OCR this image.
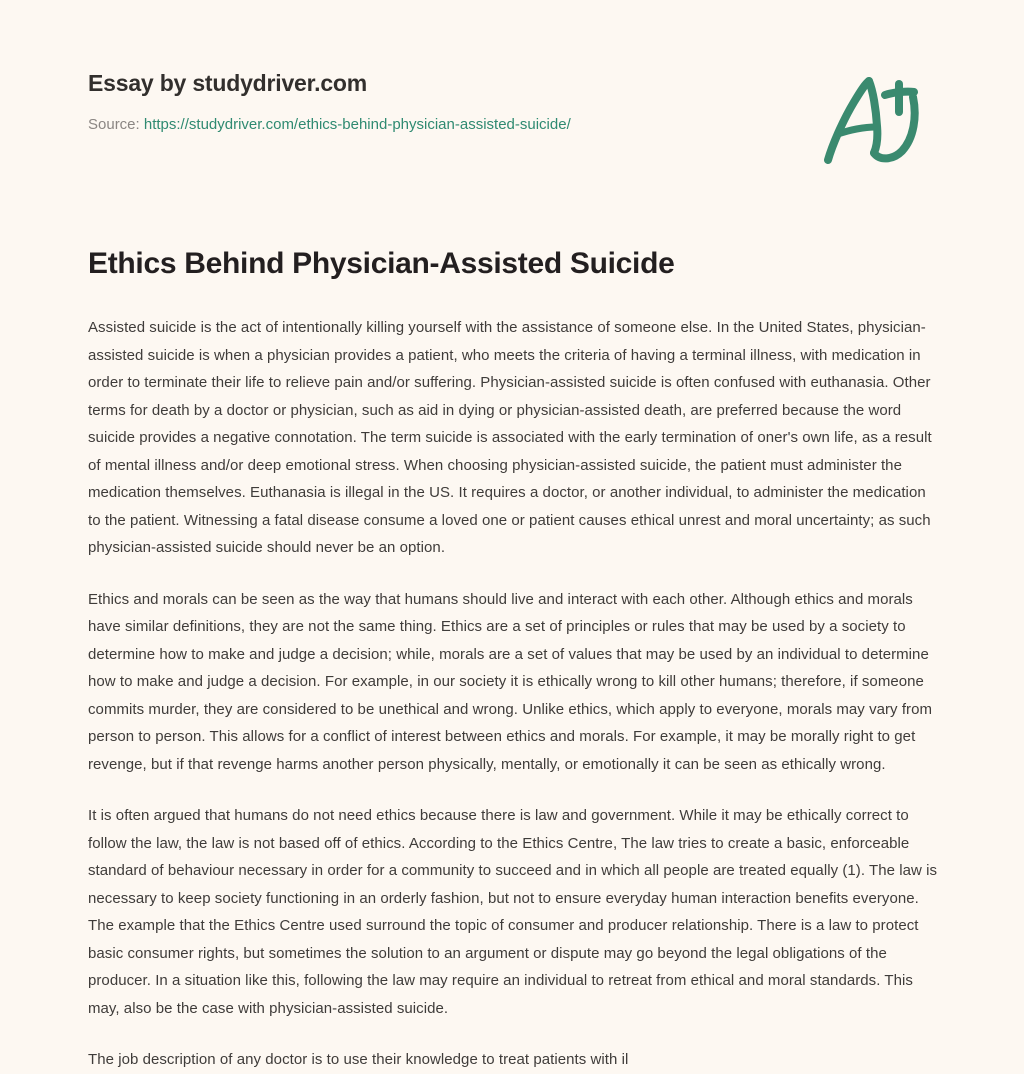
Essay by studydriver.com
Source: https://studydriver.com/ethics-behind-physician-assisted-suicide/
Ethics Behind Physician-Assisted Suicide

Assisted suicide is the act of intentionally killing yourself with the assistance of someone else. In the United States, physician-assisted suicide is when a physician provides a patient, who meets the criteria of having a terminal illness, with medication in order to terminate their life to relieve pain and/or suffering. Physician-assisted suicide is often confused with euthanasia. Other terms for death by a doctor or physician, such as aid in dying or physician-assisted death, are preferred because the word suicide provides a negative connotation. The term suicide is associated with the early termination of oner's own life, as a result of mental illness and/or deep emotional stress. When choosing physician-assisted suicide, the patient must administer the medication themselves. Euthanasia is illegal in the US. It requires a doctor, or another individual, to administer the medication to the patient. Witnessing a fatal disease consume a loved one or patient causes ethical unrest and moral uncertainty; as such physician-assisted suicide should never be an option.

Ethics and morals can be seen as the way that humans should live and interact with each other. Although ethics and morals have similar definitions, they are not the same thing. Ethics are a set of principles or rules that may be used by a society to determine how to make and judge a decision; while, morals are a set of values that may be used by an individual to determine how to make and judge a decision. For example, in our society it is ethically wrong to kill other humans; therefore, if someone commits murder, they are considered to be unethical and wrong. Unlike ethics, which apply to everyone, morals may vary from person to person. This allows for a conflict of interest between ethics and morals. For example, it may be morally right to get revenge, but if that revenge harms another person physically, mentally, or emotionally it can be seen as ethically wrong.

It is often argued that humans do not need ethics because there is law and government. While it may be ethically correct to follow the law, the law is not based off of ethics. According to the Ethics Centre, The law tries to create a basic, enforceable standard of behaviour necessary in order for a community to succeed and in which all people are treated equally (1). The law is necessary to keep society functioning in an orderly fashion, but not to ensure everyday human interaction benefits everyone. The example that the Ethics Centre used surround the topic of consumer and producer relationship. There is a law to protect basic consumer rights, but sometimes the solution to an argument or dispute may go beyond the legal obligations of the producer. In a situation like this, following the law may require an individual to retreat from ethical and moral standards. This may, also be the case with physician-assisted suicide.

The job description of any doctor is to use their knowledge to treat patients with il
